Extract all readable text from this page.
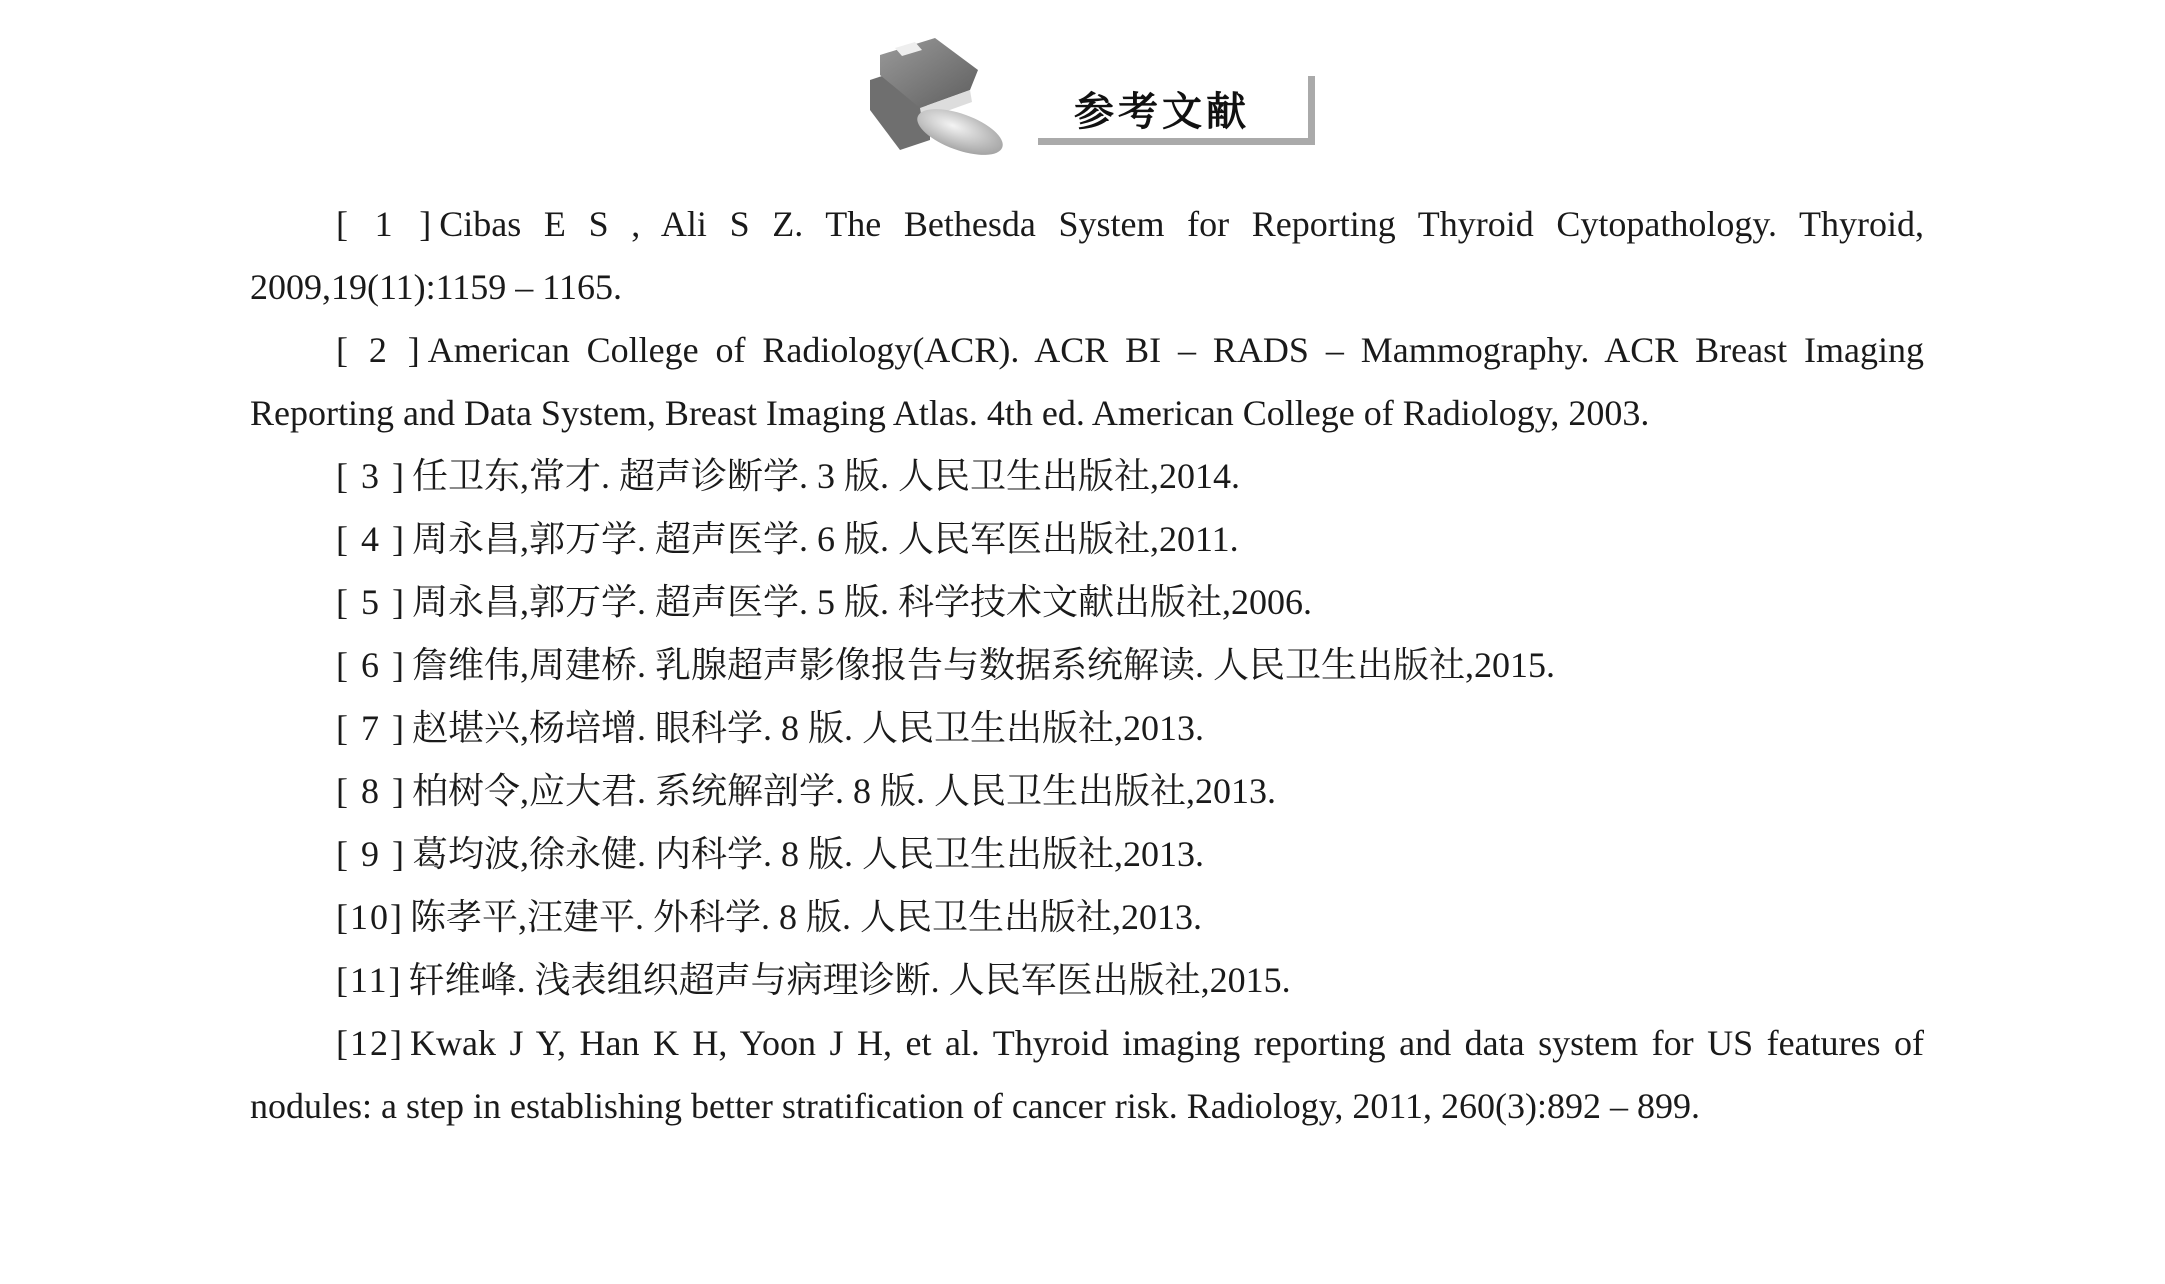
参考文献

[ 1 ] Cibas E S , Ali S Z. The Bethesda System for Reporting Thyroid Cytopathology. Thyroid, 2009,19(11):1159 – 1165.

[ 2 ] American College of Radiology(ACR). ACR BI – RADS – Mammography. ACR Breast Imaging Reporting and Data System, Breast Imaging Atlas. 4th ed. American College of Radiology, 2003.

[ 3 ] 任卫东,常才. 超声诊断学. 3 版. 人民卫生出版社,2014.

[ 4 ] 周永昌,郭万学. 超声医学. 6 版. 人民军医出版社,2011.

[ 5 ] 周永昌,郭万学. 超声医学. 5 版. 科学技术文献出版社,2006.

[ 6 ] 詹维伟,周建桥. 乳腺超声影像报告与数据系统解读. 人民卫生出版社,2015.

[ 7 ] 赵堪兴,杨培增. 眼科学. 8 版. 人民卫生出版社,2013.

[ 8 ] 柏树令,应大君. 系统解剖学. 8 版. 人民卫生出版社,2013.

[ 9 ] 葛均波,徐永健. 内科学. 8 版. 人民卫生出版社,2013.

[10] 陈孝平,汪建平. 外科学. 8 版. 人民卫生出版社,2013.

[11] 轩维峰. 浅表组织超声与病理诊断. 人民军医出版社,2015.

[12] Kwak J Y, Han K H, Yoon J H, et al. Thyroid imaging reporting and data system for US features of nodules: a step in establishing better stratification of cancer risk. Radiology, 2011, 260(3):892 – 899.
